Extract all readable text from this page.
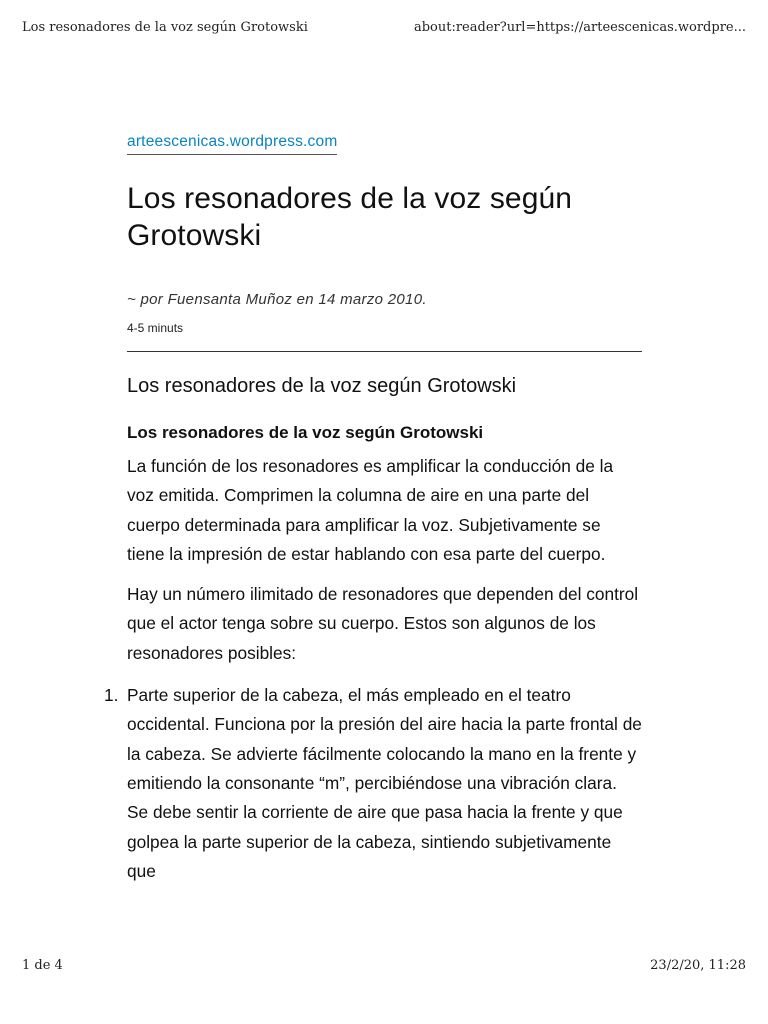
Los resonadores de la voz según Grotowski	about:reader?url=https://arteescenicas.wordpre...
arteescenicas.wordpress.com
Los resonadores de la voz según Grotowski
~ por Fuensanta Muñoz en 14 marzo 2010.
4-5 minuts
Los resonadores de la voz según Grotowski
Los resonadores de la voz según Grotowski

La función de los resonadores es amplificar la conducción de la voz emitida. Comprimen la columna de aire en una parte del cuerpo determinada para amplificar la voz. Subjetivamente se tiene la impresión de estar hablando con esa parte del cuerpo.

Hay un número ilimitado de resonadores que dependen del control que el actor tenga sobre su cuerpo. Estos son algunos de los resonadores posibles:

1. Parte superior de la cabeza, el más empleado en el teatro occidental. Funciona por la presión del aire hacia la parte frontal de la cabeza. Se advierte fácilmente colocando la mano en la frente y emitiendo la consonante “m”, percibiéndose una vibración clara. Se debe sentir la corriente de aire que pasa hacia la frente y que golpea la parte superior de la cabeza, sintiendo subjetivamente que
1 de 4	23/2/20, 11:28
